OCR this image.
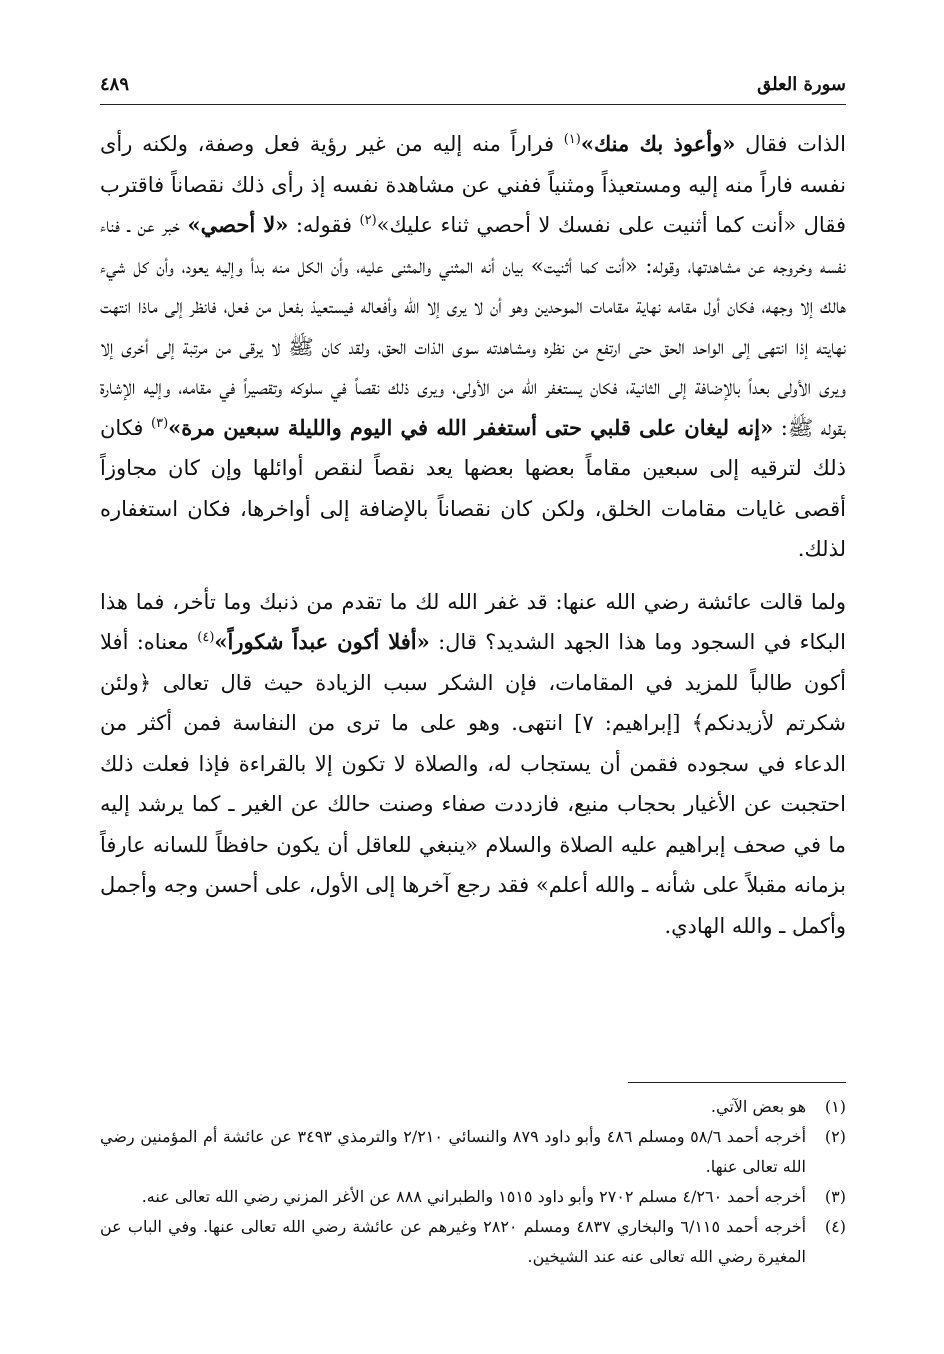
سورة العلق
٤٨٩

الذات فقال «وأعوذ بك منك»$^{(١)}$ فراراً منه إليه من غير رؤية فعل وصفة، ولكنه رأى نفسه فاراً منه إليه ومستعيذاً ومثنياً ففني عن مشاهدة نفسه إذ رأى ذلك نقصاناً فاقترب فقال «أنت كما أثنيت على نفسك لا أحصي ثناء عليك»$^{(٢)}$ فقوله: «لا أحصي» خبر عن ـ فناء نفسه وخروجه عن مشاهدتها، وقوله: «أنت كما أثنيت» بيان أنه المثني والمثنى عليه، وأن الكل منه بدأ وإليه يعود، وأن كل شيء هالك إلا وجهه، فكان أول مقامه نهاية مقامات الموحدين وهو أن لا يرى إلا الله وأفعاله فيستعيذ بفعل من فعل، فانظر إلى ماذا انتهت نهايته إذا انتهى إلى الواحد الحق حتى ارتفع من نظره ومشاهدته سوى الذات الحق، ولقد كان ﷺ لا يرقى من مرتبة إلى أخرى إلا ويرى الأولى بعداً بالإضافة إلى الثانية، فكان يستغفر الله من الأولى، ويرى ذلك نقصاً في سلوكه وتقصيراً في مقامه، وإليه الإشارة بقوله ﷺ: «إنه ليغان على قلبي حتى أستغفر الله في اليوم والليلة سبعين مرة»$^{(٣)}$ فكان ذلك لترقيه إلى سبعين مقاماً بعضها بعضها يعد نقصاً لنقص أوائلها وإن كان مجاوزاً أقصى غايات مقامات الخلق، ولكن كان نقصاناً بالإضافة إلى أواخرها، فكان استغفاره لذلك.

ولما قالت عائشة رضي الله عنها: قد غفر الله لك ما تقدم من ذنبك وما تأخر، فما هذا البكاء في السجود وما هذا الجهد الشديد؟ قال: «أفلا أكون عبداً شكوراً»$^{(٤)}$ معناه: أفلا أكون طالباً للمزيد في المقامات، فإن الشكر سبب الزيادة حيث قال تعالى ﴿ولئن شكرتم لأزيدنكم﴾ [إبراهيم: ٧] انتهى. وهو على ما ترى من النفاسة فمن أكثر من الدعاء في سجوده فقمن أن يستجاب له، والصلاة لا تكون إلا بالقراءة فإذا فعلت ذلك احتجبت عن الأغيار بحجاب منيع، فازددت صفاء وصنت حالك عن الغير ـ كما يرشد إليه ما في صحف إبراهيم عليه الصلاة والسلام «ينبغي للعاقل أن يكون حافظاً للسانه عارفاً بزمانه مقبلاً على شأنه ـ والله أعلم» فقد رجع آخرها إلى الأول، على أحسن وجه وأجمل وأكمل ـ والله الهادي.

(١)
هو بعض الآتي.
(٢)
أخرجه أحمد ٥٨/٦ ومسلم ٤٨٦ وأبو داود ٨٧٩ والنسائي ٢/٢١٠ والترمذي ٣٤٩٣ عن عائشة أم المؤمنين رضي الله تعالى عنها.
(٣)
أخرجه أحمد ٤/٢٦٠ مسلم ٢٧٠٢ وأبو داود ١٥١٥ والطبراني ٨٨٨ عن الأغر المزني رضي الله تعالى عنه.
(٤)
أخرجه أحمد ٦/١١٥ والبخاري ٤٨٣٧ ومسلم ٢٨٢٠ وغيرهم عن عائشة رضي الله تعالى عنها. وفي الباب عن المغيرة رضي الله تعالى عنه عند الشيخين.
